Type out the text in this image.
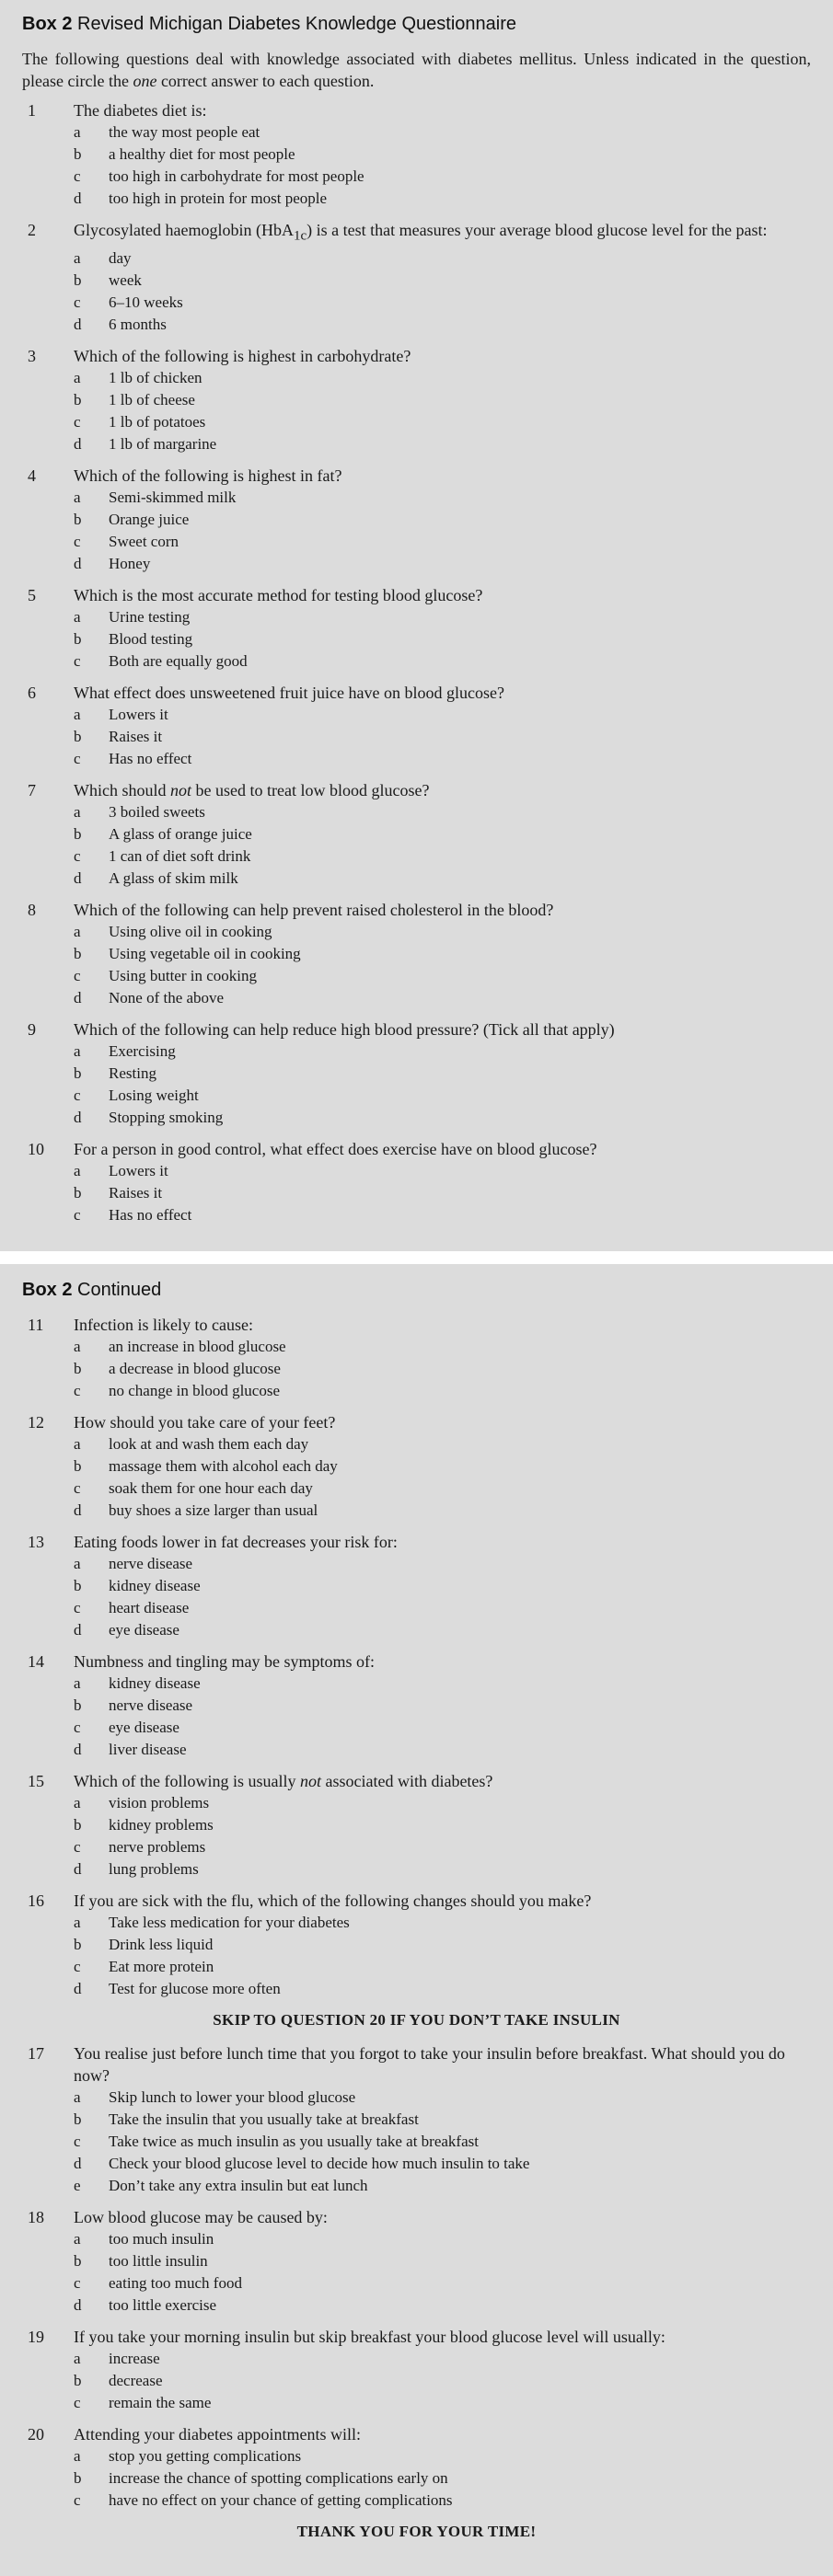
Box 2 Revised Michigan Diabetes Knowledge Questionnaire
The following questions deal with knowledge associated with diabetes mellitus. Unless indicated in the question, please circle the one correct answer to each question.
1	The diabetes diet is:
a	the way most people eat
b	a healthy diet for most people
c	too high in carbohydrate for most people
d	too high in protein for most people
2	Glycosylated haemoglobin (HbA$_{1c}$) is a test that measures your average blood glucose level for the past:
a	day
b	week
c	6–10 weeks
d	6 months
3	Which of the following is highest in carbohydrate?
a	1 lb of chicken
b	1 lb of cheese
c	1 lb of potatoes
d	1 lb of margarine
4	Which of the following is highest in fat?
a	Semi-skimmed milk
b	Orange juice
c	Sweet corn
d	Honey
5	Which is the most accurate method for testing blood glucose?
a	Urine testing
b	Blood testing
c	Both are equally good
6	What effect does unsweetened fruit juice have on blood glucose?
a	Lowers it
b	Raises it
c	Has no effect
7	Which should not be used to treat low blood glucose?
a	3 boiled sweets
b	A glass of orange juice
c	1 can of diet soft drink
d	A glass of skim milk
8	Which of the following can help prevent raised cholesterol in the blood?
a	Using olive oil in cooking
b	Using vegetable oil in cooking
c	Using butter in cooking
d	None of the above
9	Which of the following can help reduce high blood pressure? (Tick all that apply)
a	Exercising
b	Resting
c	Losing weight
d	Stopping smoking
10	For a person in good control, what effect does exercise have on blood glucose?
a	Lowers it
b	Raises it
c	Has no effect
Box 2 Continued
11	Infection is likely to cause:
a	an increase in blood glucose
b	a decrease in blood glucose
c	no change in blood glucose
12	How should you take care of your feet?
a	look at and wash them each day
b	massage them with alcohol each day
c	soak them for one hour each day
d	buy shoes a size larger than usual
13	Eating foods lower in fat decreases your risk for:
a	nerve disease
b	kidney disease
c	heart disease
d	eye disease
14	Numbness and tingling may be symptoms of:
a	kidney disease
b	nerve disease
c	eye disease
d	liver disease
15	Which of the following is usually not associated with diabetes?
a	vision problems
b	kidney problems
c	nerve problems
d	lung problems
16	If you are sick with the flu, which of the following changes should you make?
a	Take less medication for your diabetes
b	Drink less liquid
c	Eat more protein
d	Test for glucose more often
SKIP TO QUESTION 20 IF YOU DON’T TAKE INSULIN
17	You realise just before lunch time that you forgot to take your insulin before breakfast. What should you do now?
a	Skip lunch to lower your blood glucose
b	Take the insulin that you usually take at breakfast
c	Take twice as much insulin as you usually take at breakfast
d	Check your blood glucose level to decide how much insulin to take
e	Don’t take any extra insulin but eat lunch
18	Low blood glucose may be caused by:
a	too much insulin
b	too little insulin
c	eating too much food
d	too little exercise
19	If you take your morning insulin but skip breakfast your blood glucose level will usually:
a	increase
b	decrease
c	remain the same
20	Attending your diabetes appointments will:
a	stop you getting complications
b	increase the chance of spotting complications early on
c	have no effect on your chance of getting complications
THANK YOU FOR YOUR TIME!
